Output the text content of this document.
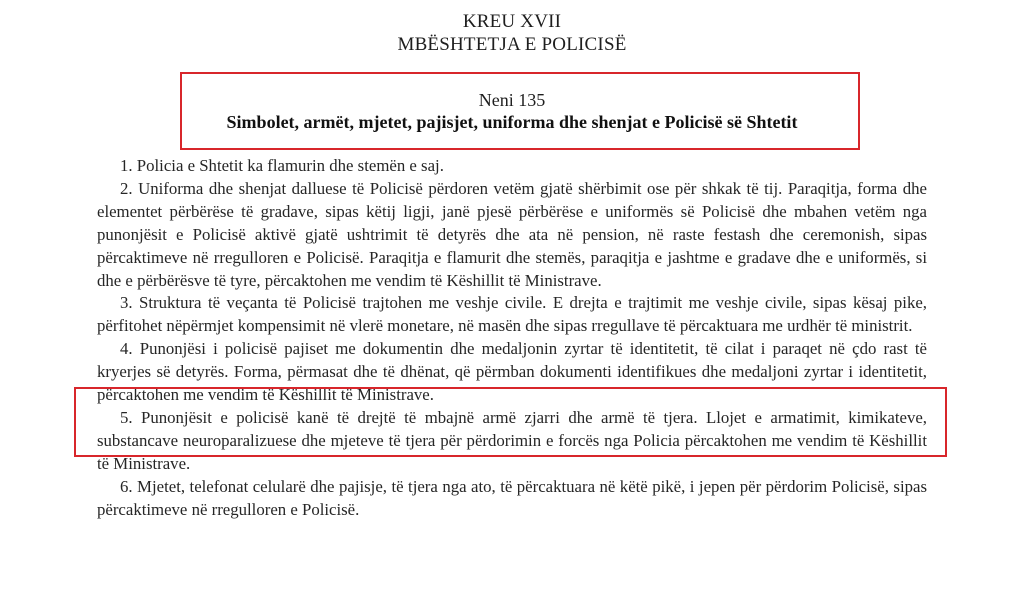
KREU XVII
MBËSHTETJA E POLICISË
Neni 135
Simbolet, armët, mjetet, pajisjet, uniforma dhe shenjat e Policisë së Shtetit

1. Policia e Shtetit ka flamurin dhe stemën e saj.

2. Uniforma dhe shenjat dalluese të Policisë përdoren vetëm gjatë shërbimit ose për shkak të tij. Paraqitja, forma dhe elementet përbërëse të gradave, sipas këtij ligji, janë pjesë përbërëse e uniformës së Policisë dhe mbahen vetëm nga punonjësit e Policisë aktivë gjatë ushtrimit të detyrës dhe ata në pension, në raste festash dhe ceremonish, sipas përcaktimeve në rregulloren e Policisë. Paraqitja e flamurit dhe stemës, paraqitja e jashtme e gradave dhe e uniformës, si dhe e përbërësve të tyre, përcaktohen me vendim të Këshillit të Ministrave.

3. Struktura të veçanta të Policisë trajtohen me veshje civile. E drejta e trajtimit me veshje civile, sipas kësaj pike, përfitohet nëpërmjet kompensimit në vlerë monetare, në masën dhe sipas rregullave të përcaktuara me urdhër të ministrit.

4. Punonjësi i policisë pajiset me dokumentin dhe medaljonin zyrtar të identitetit, të cilat i paraqet në çdo rast të kryerjes së detyrës. Forma, përmasat dhe të dhënat, që përmban dokumenti identifikues dhe medaljoni zyrtar i identitetit, përcaktohen me vendim të Këshillit të Ministrave.

5. Punonjësit e policisë kanë të drejtë të mbajnë armë zjarri dhe armë të tjera. Llojet e armatimit, kimikateve, substancave neuroparalizuese dhe mjeteve të tjera për përdorimin e forcës nga Policia përcaktohen me vendim të Këshillit të Ministrave.

6. Mjetet, telefonat celularë dhe pajisje, të tjera nga ato, të përcaktuara në këtë pikë, i jepen për përdorim Policisë, sipas përcaktimeve në rregulloren e Policisë.
